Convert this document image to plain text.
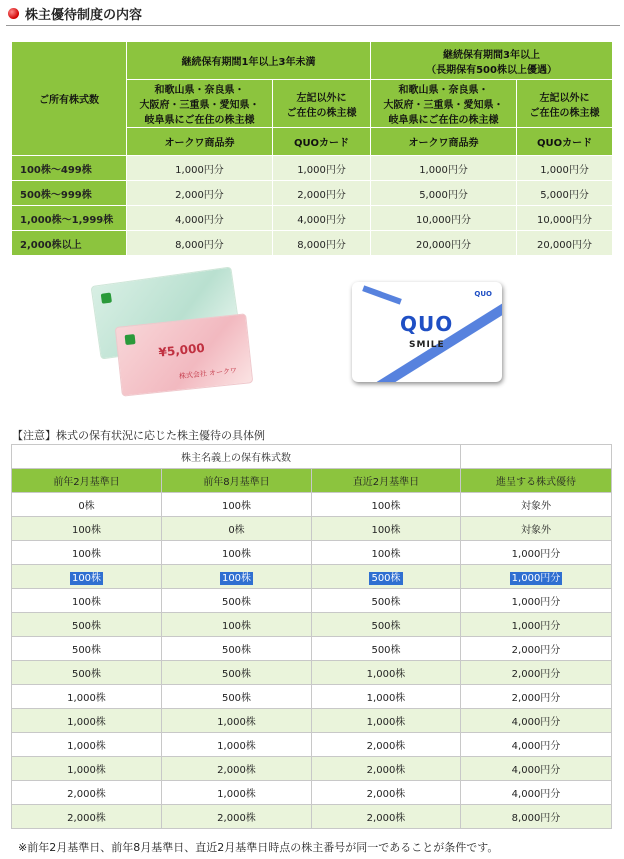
株主優待制度の内容
ご所有株式数	継続保有期間1年以上3年未満		継続保有期間3年以上
（長期保有500株以上優遇）	
	和歌山県・奈良県・
大阪府・三重県・愛知県・
岐阜県にご在住の株主様	左記以外に
ご在住の株主様	和歌山県・奈良県・
大阪府・三重県・愛知県・
岐阜県にご在住の株主様	左記以外に
ご在住の株主様
	オークワ商品券	QUOカード	オークワ商品券	QUOカード
100株～499株	1,000円分	1,000円分	1,000円分	1,000円分
500株～999株	2,000円分	2,000円分	5,000円分	5,000円分
1,000株～1,999株	4,000円分	4,000円分	10,000円分	10,000円分
2,000株以上	8,000円分	8,000円分	20,000円分	20,000円分
¥5,000
株式会社 オークワ
QUO
QUO
SMILE
【注意】株式の保有状況に応じた株主優待の具体例
株主名義上の保有株式数			
前年2月基準日	前年8月基準日	直近2月基準日	進呈する株式優待
0株	100株	100株	対象外
100株	0株	100株	対象外
100株	100株	100株	1,000円分
100株	100株	500株	1,000円分
100株	500株	500株	1,000円分
500株	100株	500株	1,000円分
500株	500株	500株	2,000円分
500株	500株	1,000株	2,000円分
1,000株	500株	1,000株	2,000円分
1,000株	1,000株	1,000株	4,000円分
1,000株	1,000株	2,000株	4,000円分
1,000株	2,000株	2,000株	4,000円分
2,000株	1,000株	2,000株	4,000円分
2,000株	2,000株	2,000株	8,000円分
※前年2月基準日、前年8月基準日、直近2月基準日時点の株主番号が同一であることが条件です。
